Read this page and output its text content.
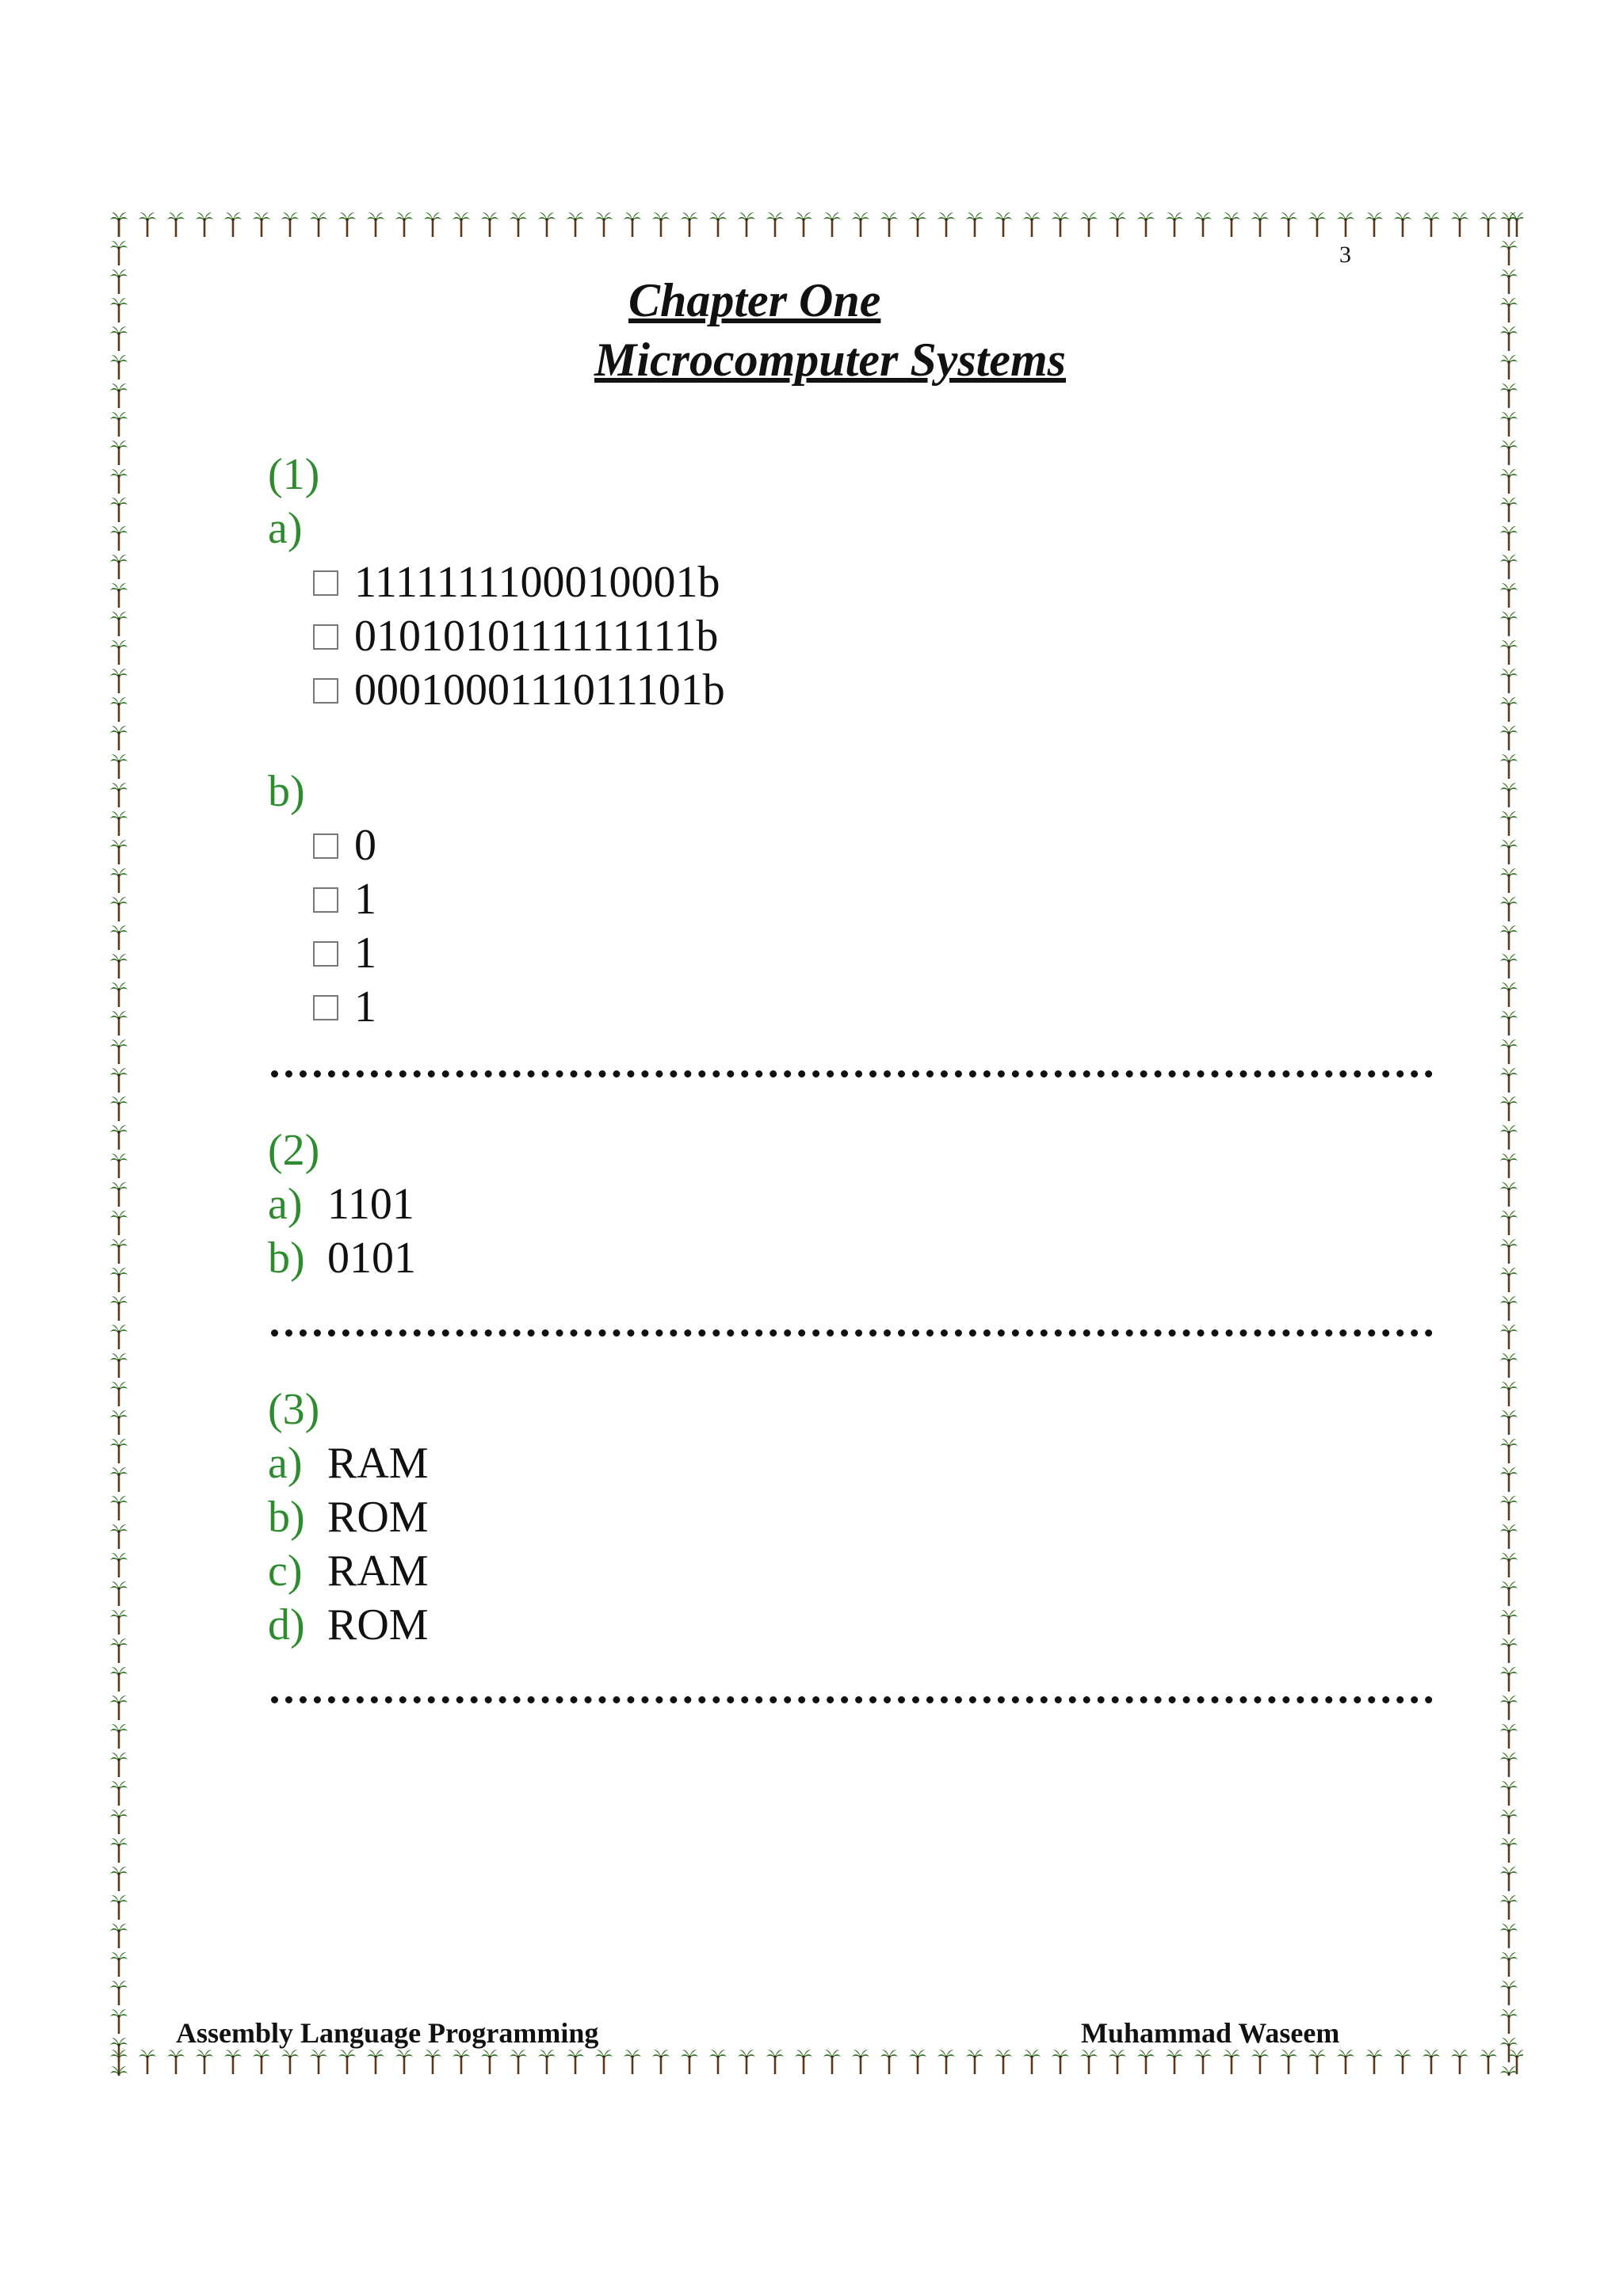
3
Chapter One
Microcomputer Systems
(1)
a)
1111111100010001b
0101010111111111b
0001000111011101b
b)
0
1
1
1
(2)
a) 1101
b) 0101
(3)
a) RAM
b) ROM
c) RAM
d) ROM
Assembly Language Programming	Muhammad Waseem
